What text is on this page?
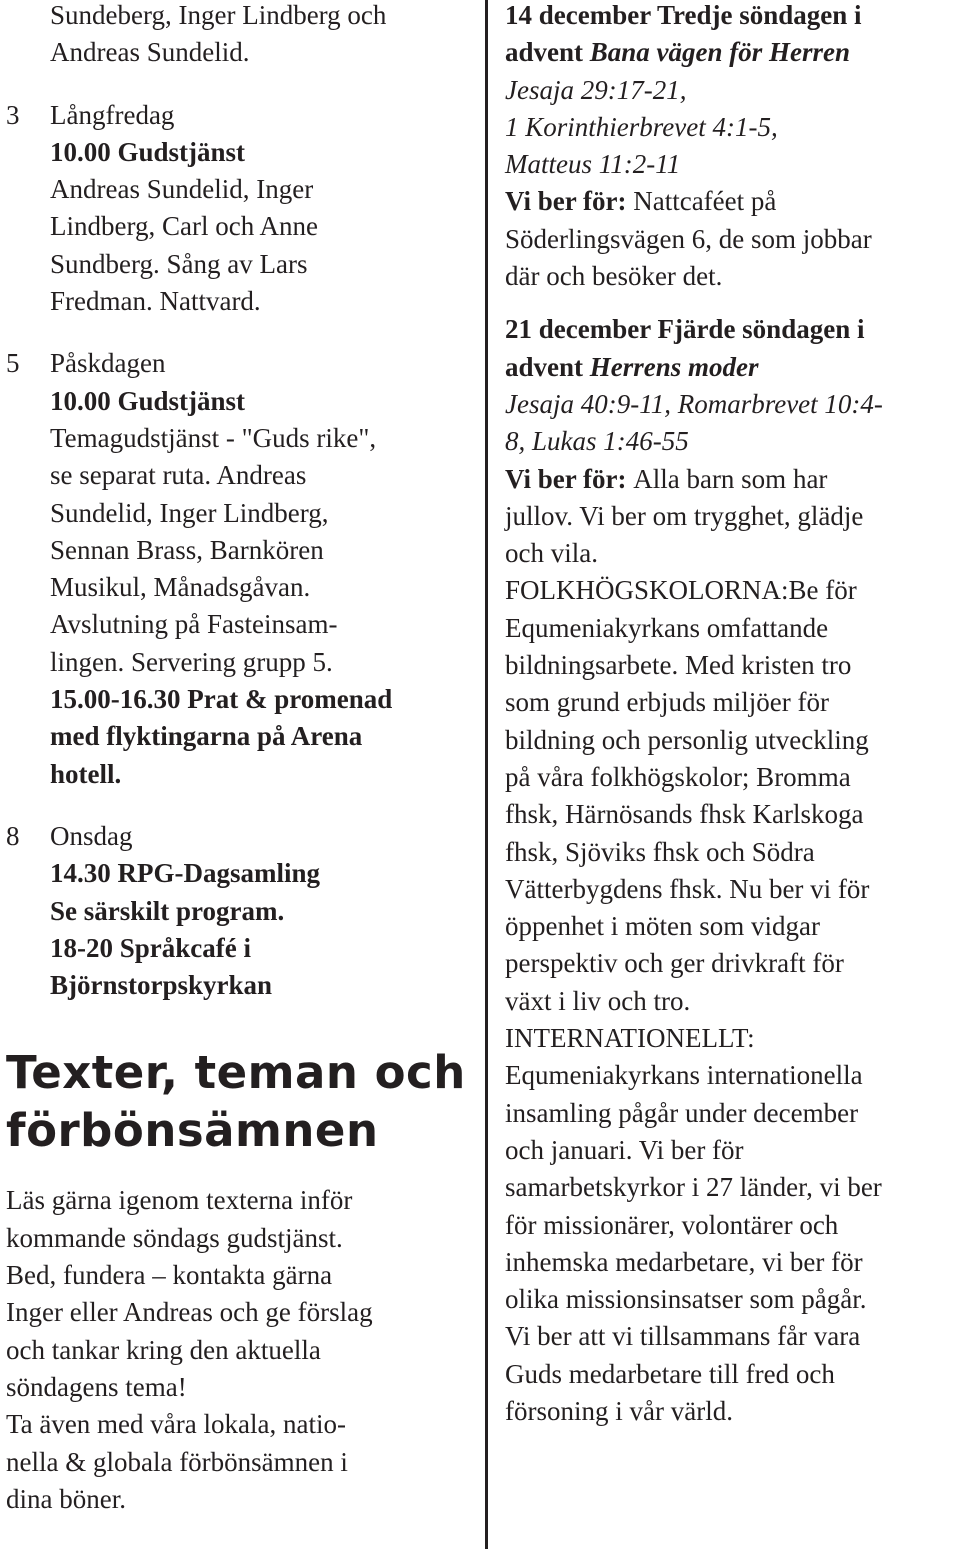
Sundeberg, Inger Lindberg och
Andreas Sundelid.

3 Långfredag

10.00 Gudstjänst

Andreas Sundelid, Inger
Lindberg, Carl och Anne
Sundberg. Sång av Lars
Fredman. Nattvard.

5 Påskdagen

10.00 Gudstjänst

Temagudstjänst - "Guds rike",
se separat ruta. Andreas
Sundelid, Inger Lindberg,
Sennan Brass, Barnkören
Musikul, Månadsgåvan.
Avslutning på Fasteinsam-
lingen. Servering grupp 5.

15.00-16.30 Prat & promenad
med flyktingarna på Arena
hotell.

8 Onsdag

14.30 RPG-Dagsamling
Se särskilt program.

18-20 Språkcafé i
Björnstorpskyrkan

Texter, teman och
förbönsämnen

Läs gärna igenom texterna inför
kommande söndags gudstjänst.
Bed, fundera – kontakta gärna
Inger eller Andreas och ge förslag
och tankar kring den aktuella
söndagens tema!
Ta även med våra lokala, natio-
nella & globala förbönsämnen i
dina böner.

14 december Tredje söndagen i
advent Bana vägen för Herren

Jesaja 29:17-21,
1 Korinthierbrevet 4:1-5,
Matteus 11:2-11

Vi ber för: Nattcaféet på
Söderlingsvägen 6, de som jobbar
där och besöker det.

21 december Fjärde söndagen i
advent Herrens moder

Jesaja 40:9-11, Romarbrevet 10:4-
8, Lukas 1:46-55

Vi ber för: Alla barn som har
jullov. Vi ber om trygghet, glädje
och vila.
FOLKHÖGSKOLORNA:Be för
Equmeniakyrkans omfattande
bildningsarbete. Med kristen tro
som grund erbjuds miljöer för
bildning och personlig utveckling
på våra folkhögskolor; Bromma
fhsk, Härnösands fhsk Karlskoga
fhsk, Sjöviks fhsk och Södra
Vätterbygdens fhsk. Nu ber vi för
öppenhet i möten som vidgar
perspektiv och ger drivkraft för
växt i liv och tro.
INTERNATIONELLT:
Equmeniakyrkans internationella
insamling pågår under december
och januari. Vi ber för
samarbetskyrkor i 27 länder, vi ber
för missionärer, volontärer och
inhemska medarbetare, vi ber för
olika missionsinsatser som pågår.
Vi ber att vi tillsammans får vara
Guds medarbetare till fred och
försoning i vår värld.
